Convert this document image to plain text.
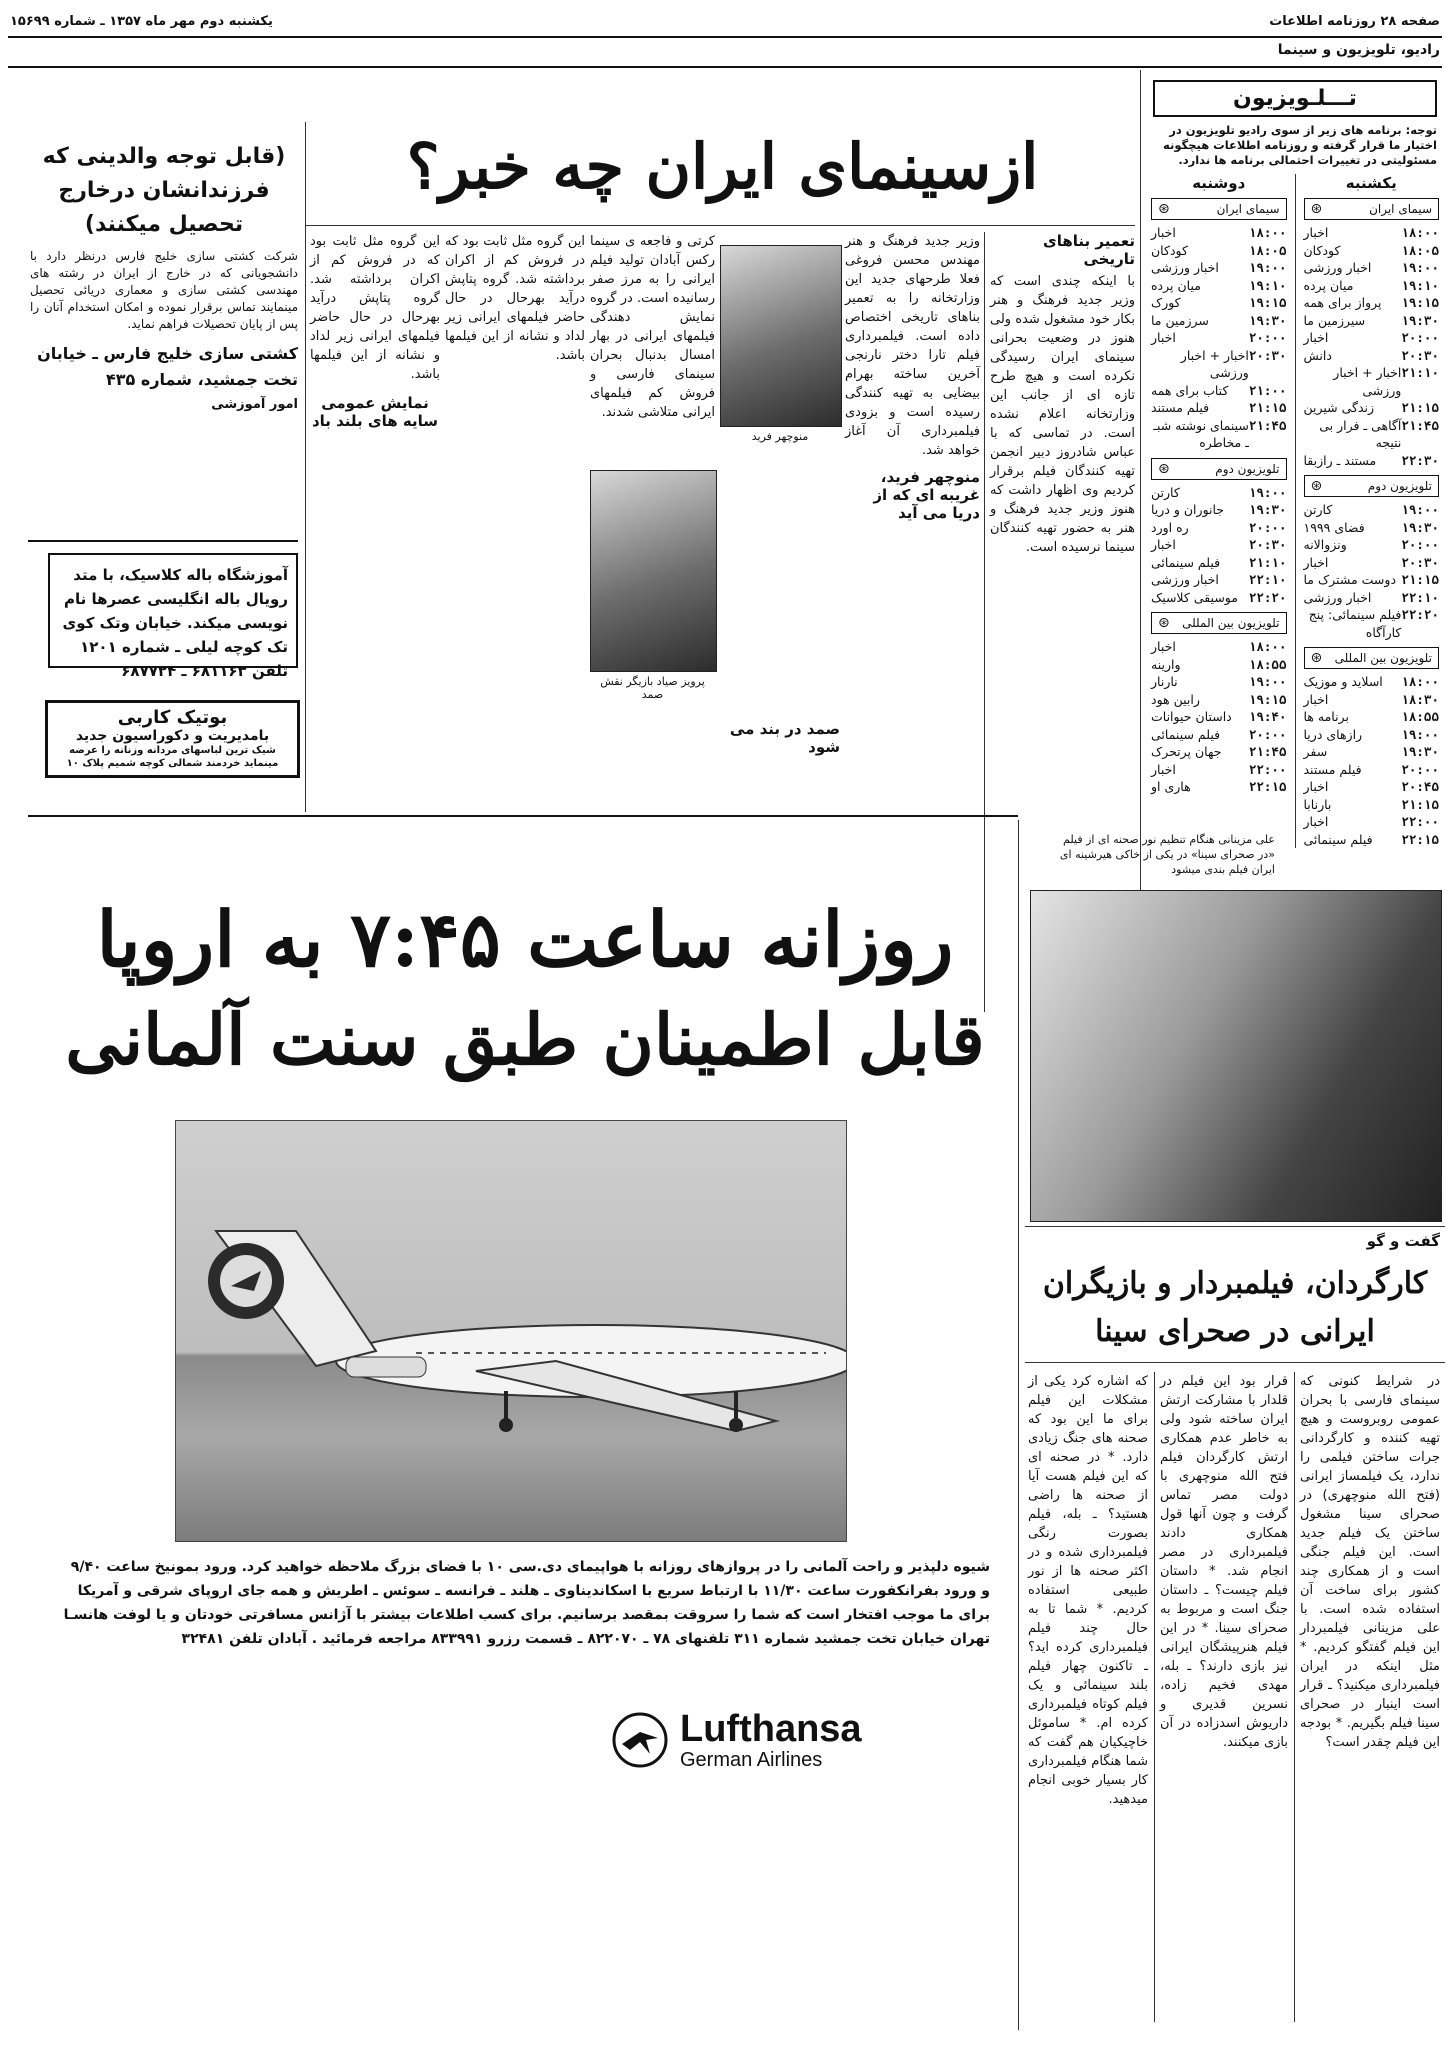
صفحه ۲۸ روزنامه اطلاعات
یکشنبه دوم مهر ماه ۱۳۵۷ ـ شماره ۱۵۶۹۹
رادیو، تلویزیون و سینما
تـــلـویزیون
توجه: برنامه های زیر از سوی رادیو تلویزیون در اختیار ما قرار گرفته و روزنامه اطلاعات هیچگونه مسئولیتی در تغییرات احتمالی برنامه ها ندارد.
دوشنبه
سیمای ایران
⊛
۱۸:۰۰
اخبار
۱۸:۰۵
کودکان
۱۹:۰۰
اخبار ورزشی
۱۹:۱۰
میان پرده
۱۹:۱۵
کورک
۱۹:۳۰
سرزمین ما
۲۰:۰۰
اخبار
۲۰:۳۰
اخبار + اخبار ورزشی
۲۱:۰۰
کتاب برای همه
۲۱:۱۵
فیلم مستند
۲۱:۴۵
سینمای نوشته شبـ ـ مخاطره
تلویزیون دوم
⊛
۱۹:۰۰
کارتن
۱۹:۳۰
جانوران و دریا
۲۰:۰۰
ره اورد
۲۰:۳۰
اخبار
۲۱:۱۰
فیلم سینمائی
۲۲:۱۰
اخبار ورزشی
۲۲:۲۰
موسیقی کلاسیک
تلویزیون بین المللی
⊛
۱۸:۰۰
اخبار
۱۸:۵۵
وارینه
۱۹:۰۰
نارنار
۱۹:۱۵
رابین هود
۱۹:۴۰
داستان حیوانات
۲۰:۰۰
فیلم سینمائی
۲۱:۴۵
جهان پرتحرک
۲۲:۰۰
اخبار
۲۲:۱۵
هاری او
یکشنبه
سیمای ایران
⊛
۱۸:۰۰
اخبار
۱۸:۰۵
کودکان
۱۹:۰۰
اخبار ورزشی
۱۹:۱۰
میان پرده
۱۹:۱۵
پرواز برای همه
۱۹:۳۰
سیرزمین ما
۲۰:۰۰
اخبار
۲۰:۳۰
دانش
۲۱:۱۰
اخبار + اخبار ورزشی
۲۱:۱۵
زندگی شیرین
۲۱:۴۵
آگاهی ـ فرار بی نتیجه
۲۲:۳۰
مستند ـ رازبقا
تلویزیون دوم
⊛
۱۹:۰۰
کارتن
۱۹:۳۰
فضای ۱۹۹۹
۲۰:۰۰
ونزوالانه
۲۰:۳۰
اخبار
۲۱:۱۵
دوست مشترک ما
۲۲:۱۰
اخبار ورزشی
۲۲:۲۰
فیلم سینمائی: پنج کارآگاه
تلویزیون بین المللی
⊛
۱۸:۰۰
اسلاید و موزیک
۱۸:۳۰
اخبار
۱۸:۵۵
برنامه ها
۱۹:۰۰
رازهای دریا
۱۹:۳۰
سفر
۲۰:۰۰
فیلم مستند
۲۰:۴۵
اخبار
۲۱:۱۵
بارنابا
۲۲:۰۰
اخبار
۲۲:۱۵
فیلم سینمائی
ازسینمای ایران چه خبر؟
تعمیر بناهای تاریخی
با اینکه چندی است که وزیر جدید فرهنگ و هنر بکار خود مشغول شده ولی هنوز در وضعیت بحرانی سینمای ایران رسیدگی نکرده است و هیچ طرح تازه ای از جانب این وزارتخانه اعلام نشده است. در تماسی که با عباس شادروز دبیر انجمن تهیه کنندگان فیلم برقرار کردیم وی اظهار داشت که هنوز وزیر جدید فرهنگ و هنر به حضور تهیه کنندگان سینما نرسیده است.
وزیر جدید فرهنگ و هنر مهندس محسن فروغی فعلا طرحهای جدید این وزارتخانه را به تعمیر بناهای تاریخی اختصاص داده است. فیلمبرداری فیلم تارا دختر نارنجی آخرین ساخته بهرام بیضایی به تهیه کنندگی رسیده است و بزودی فیلمبرداری آن آغاز خواهد شد.
منوچهر فرید، غریبه ای که از دریا می آید
منوچهر فرید
کرتی و فاجعه ی سینما رکس آبادان تولید فیلم ایرانی را به مرز صفر رسانیده است. در گروه نمایش دهندگی فیلمهای ایرانی در بهار امسال بدنبال بحران سینمای فارسی و فروش کم فیلمهای ایرانی متلاشی شدند.
پرویز صیاد بازیگر نقش صمد
صمد در بند می شود
این گروه مثل ثابت بود که در فروش کم از اکران برداشته شد. گروه پتاپش درآید بهرحال در حال حاضر فیلمهای ایرانی زیر لداد و نشانه از این فیلمها باشد.
این گروه مثل ثابت بود که در فروش کم از اکران برداشته شد. گروه پتاپش درآید بهرحال در حال حاضر فیلمهای ایرانی زیر لداد و نشانه از این فیلمها باشد.
نمایش عمومی
سایه های بلند باد
(قابل توجه والدینی که
فرزندانشان درخارج
تحصیل میکنند)
شرکت کشتی سازی خلیج فارس درنظر دارد با دانشجویانی که در خارج از ایران در رشته های مهندسی کشتی سازی و معماری دریائی تحصیل مینمایند تماس برقرار نموده و امکان استخدام آنان را پس از پایان تحصیلات فراهم نماید.
کشتی سازی خلیج فارس ـ خیابان تخت جمشید، شماره ۴۳۵
امور آموزشی
آموزشگاه باله کلاسیک، با متد رویال باله انگلیسی عصرها نام نویسی میکند. خیابان وتک کوی تک کوچه لیلی ـ شماره ۱۲۰۱ تلفن ۶۸۱۱۶۳ ـ ۶۸۷۷۲۴
بوتیک کاربی
بامدیریت و دکوراسیون جدید
شیک ترین لباسهای مردانه وزنانه را عرضه مینماید خردمند شمالی کوچه شمیم پلاک ۱۰
روزانه ساعت ۷:۴۵ به اروپا
قابل اطمینان طبق سنت آلمانی
شیوه دلپذیر و راحت آلمانی را در پروازهای روزانه با هواپیمای دی.سی ۱۰ با فضای بزرگ ملاحظه خواهید کرد. ورود بمونیخ ساعت ۹/۴۰
و ورود بفرانکفورت ساعت ۱۱/۳۰ با ارتباط سریع با اسکاندیناوی ـ هلند ـ فرانسه ـ سوئس ـ اطریش و همه جای اروپای شرقی و آمریکا
برای ما موجب افتخار است که شما را سروقت بمقصد برسانیم. برای کسب اطلاعات بیشتر با آژانس مسافرتی خودتان و یا لوفت هانسـا
تهران خیابان تخت جمشید شماره ۳۱۱ تلفنهای ۷۸ ـ ۸۲۲۰۷۰ ـ قسمت رزرو ۸۳۳۹۹۱ مراجعه فرمائید . آبادان تلفن ۳۲۴۸۱
Lufthansa
German Airlines
علی مزینانی هنگام تنظیم نور صحنه ای از فیلم «در صحرای سینا» در یکی از خاکی هیرشینه ای ایران فیلم بندی میشود
گفت و گو
کارگردان، فیلمبردار و بازیگران
ایرانی در صحرای سینا
در شرایط کنونی که سینمای فارسی با بحران عمومی روبروست و هیچ تهیه کننده و کارگردانی جرات ساختن فیلمی را ندارد، یک فیلمساز ایرانی (فتح الله منوچهری) در صحرای سینا مشغول ساختن یک فیلم جدید است. این فیلم جنگی است و از همکاری چند کشور برای ساخت آن استفاده شده است. با علی مزینانی فیلمبردار این فیلم گفتگو کردیم. * مثل اینکه در ایران فیلمبرداری میکنید؟ ـ قرار است اینبار در صحرای سینا فیلم بگیریم. * بودجه این فیلم چقدر است؟
قرار بود این فیلم در قلدار با مشارکت ارتش ایران ساخته شود ولی به خاطر عدم همکاری ارتش کارگردان فیلم فتح الله منوچهری با دولت مصر تماس گرفت و چون آنها قول همکاری دادند فیلمبرداری در مصر انجام شد. * داستان فیلم چیست؟ ـ داستان جنگ است و مربوط به صحرای سینا. * در این فیلم هنرپیشگان ایرانی نیز بازی دارند؟ ـ بله، مهدی فخیم زاده، نسرین قدیری و داریوش اسدزاده در آن بازی میکنند.
که اشاره کرد یکی از مشکلات این فیلم برای ما این بود که صحنه های جنگ زیادی دارد. * در صحنه ای که این فیلم هست آیا از صحنه ها راضی هستید؟ ـ بله، فیلم بصورت رنگی فیلمبرداری شده و در اکثر صحنه ها از نور طبیعی استفاده کردیم. * شما تا به حال چند فیلم فیلمبرداری کرده اید؟ ـ تاکنون چهار فیلم بلند سینمائی و یک فیلم کوتاه فیلمبرداری کرده ام. * ساموئل خاچیکیان هم گفت که شما هنگام فیلمبرداری کار بسیار خوبی انجام میدهید.
